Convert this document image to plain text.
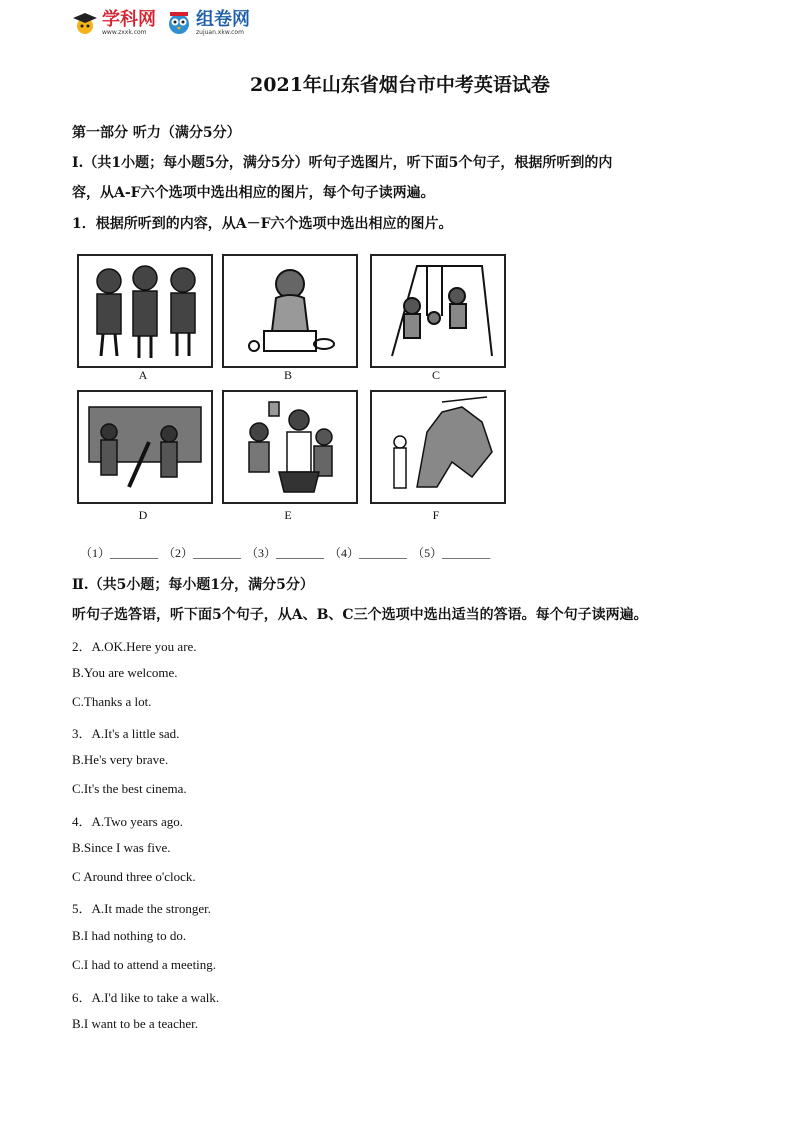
学科网
www.zxxk.com
组卷网
zujuan.xkw.com
2021年山东省烟台市中考英语试卷
第一部分 听力（满分5分）
Ⅰ.（共1小题；每小题5分，满分5分）听句子选图片，听下面5个句子，根据所听到的内
容，从A-F六个选项中选出相应的图片，每个句子读两遍。
1．根据所听到的内容，从A－F六个选项中选出相应的图片。
A	B	C
D	E	F
（1）________ （2）________ （3）________ （4）________ （5）________
Ⅱ.（共5小题；每小题1分，满分5分）
听句子选答语，听下面5个句子，从A、B、C三个选项中选出适当的答语。每个句子读两遍。
2．A.OK.Here you are.
B.You are welcome.
C.Thanks a lot.
3．A.It's a little sad.
B.He's very brave.
C.It's the best cinema.
4．A.Two years ago.
B.Since I was five.
C Around three o'clock.
5．A.It made the stronger.
B.I had nothing to do.
C.I had to attend a meeting.
6．A.I'd like to take a walk.
B.I want to be a teacher.
